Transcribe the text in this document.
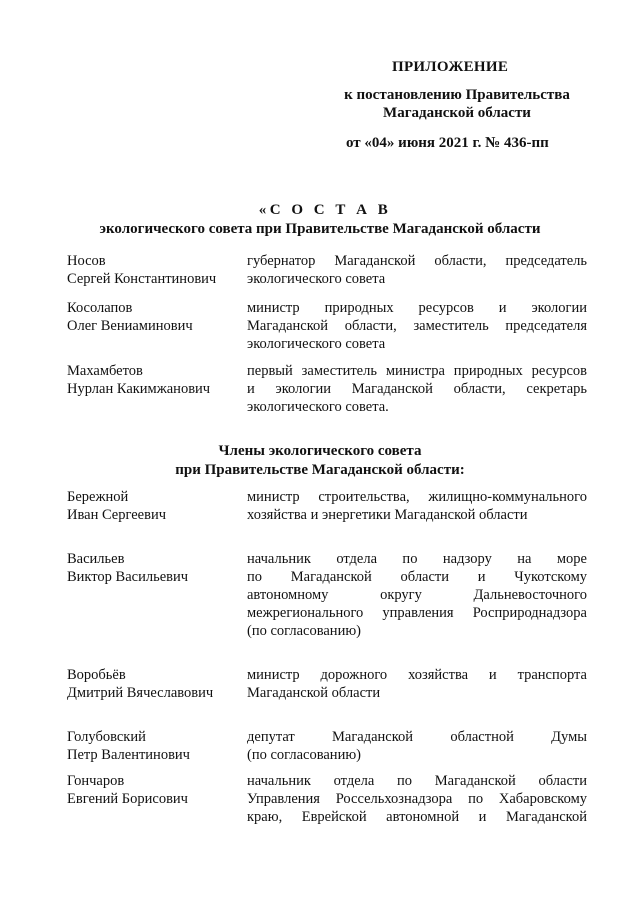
ПРИЛОЖЕНИЕ
к постановлению Правительства
Магаданской области
от «04» июня 2021 г. № 436-пп
«С О С Т А В
экологического совета при Правительстве Магаданской области
Носов
Сергей Константинович
губернатор Магаданской области, председатель
экологического совета
Косолапов
Олег Вениаминович
министр природных ресурсов и экологии
Магаданской области, заместитель председателя
экологического совета
Махамбетов
Нурлан Какимжанович
первый заместитель министра природных ресурсов
и экологии Магаданской области, секретарь
экологического совета.
Члены экологического совета
при Правительстве Магаданской области:
Бережной
Иван Сергеевич
министр строительства, жилищно-коммунального
хозяйства и энергетики Магаданской области
Васильев
Виктор Васильевич
начальник отдела по надзору на море
по Магаданской области и Чукотскому
автономному округу Дальневосточного
межрегионального управления Росприроднадзора
(по согласованию)
Воробьёв
Дмитрий Вячеславович
министр дорожного хозяйства и транспорта
Магаданской области
Голубовский
Петр Валентинович
депутат Магаданской областной Думы
(по согласованию)
Гончаров
Евгений Борисович
начальник отдела по Магаданской области
Управления Россельхознадзора по Хабаровскому
краю, Еврейской автономной и Магаданской
